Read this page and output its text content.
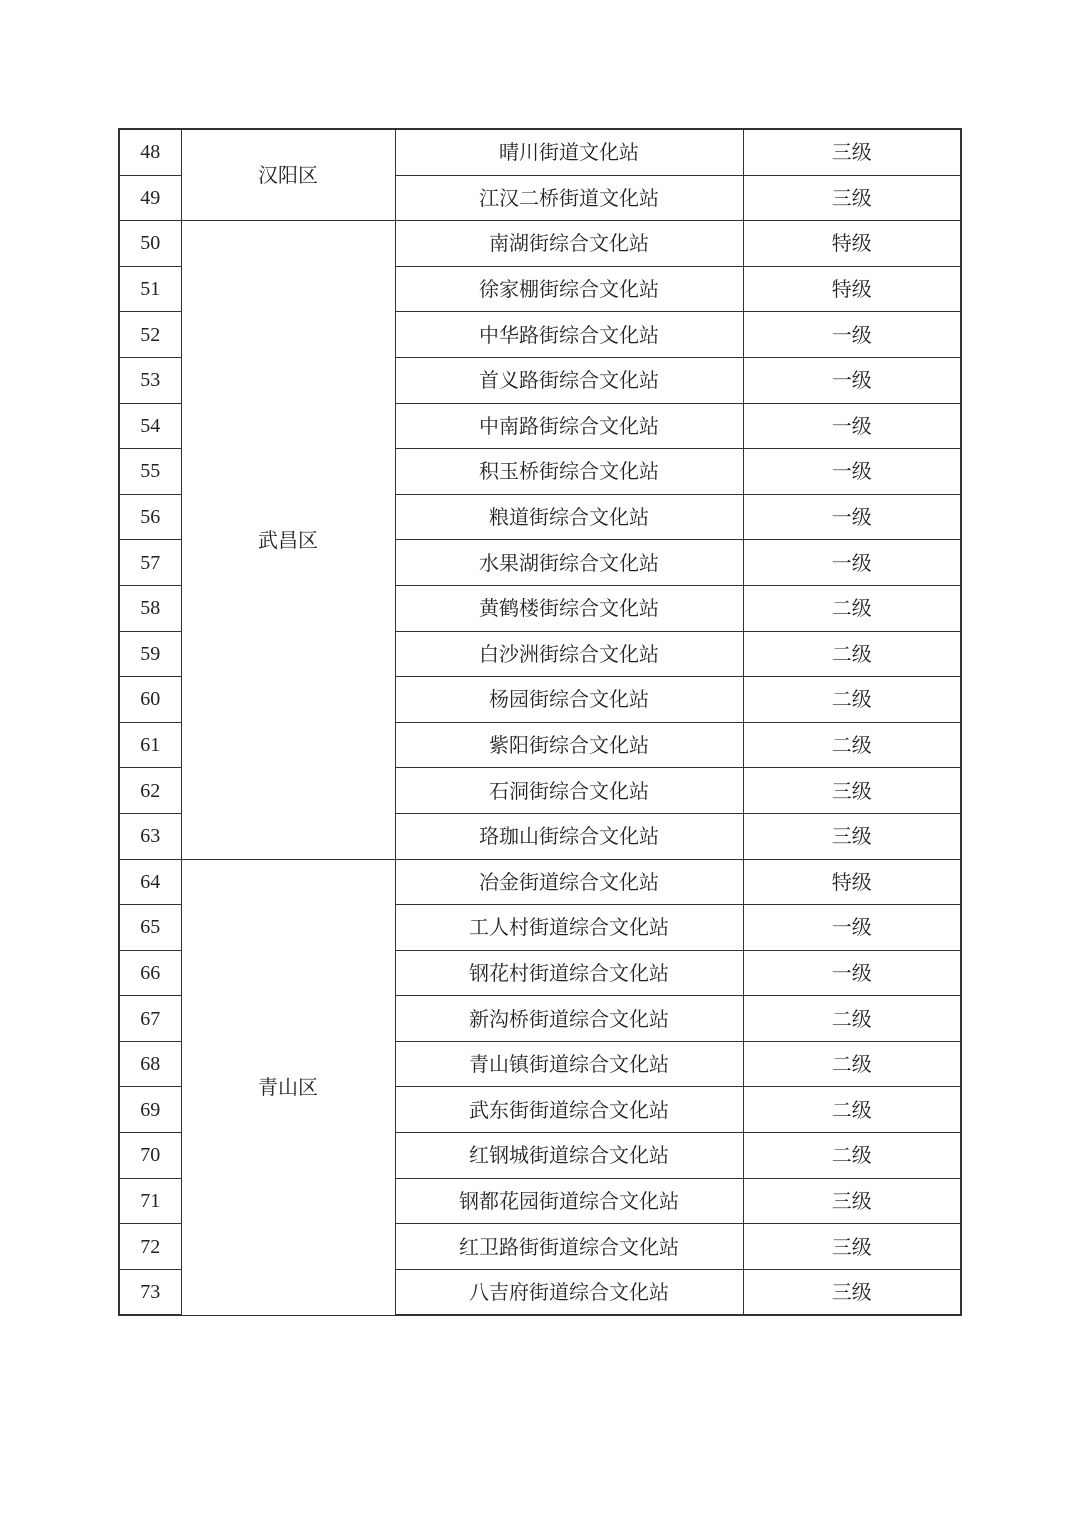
48	汉阳区	晴川街道文化站	三级
49		江汉二桥街道文化站	三级
50	武昌区	南湖街综合文化站	特级
51		徐家棚街综合文化站	特级
52		中华路街综合文化站	一级
53		首义路街综合文化站	一级
54		中南路街综合文化站	一级
55		积玉桥街综合文化站	一级
56		粮道街综合文化站	一级
57		水果湖街综合文化站	一级
58		黄鹤楼街综合文化站	二级
59		白沙洲街综合文化站	二级
60		杨园街综合文化站	二级
61		紫阳街综合文化站	二级
62		石洞街综合文化站	三级
63		珞珈山街综合文化站	三级
64	青山区	冶金街道综合文化站	特级
65		工人村街道综合文化站	一级
66		钢花村街道综合文化站	一级
67		新沟桥街道综合文化站	二级
68		青山镇街道综合文化站	二级
69		武东街街道综合文化站	二级
70		红钢城街道综合文化站	二级
71		钢都花园街道综合文化站	三级
72		红卫路街街道综合文化站	三级
73		八吉府街道综合文化站	三级
